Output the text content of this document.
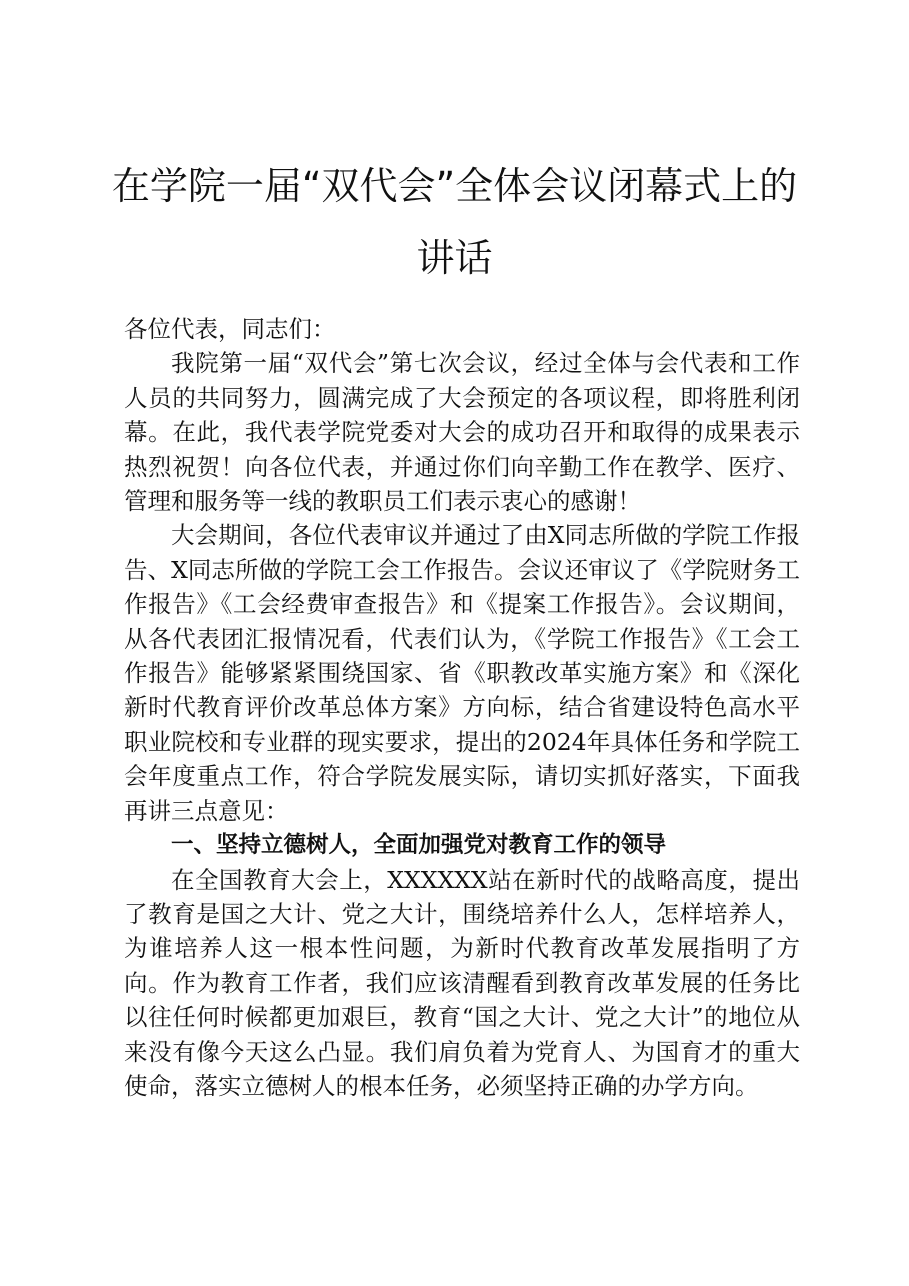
在学院一届“双代会”全体会议闭幕式上的讲话

各位代表，同志们：

我院第一届“双代会”第七次会议，经过全体与会代表和工作人员的共同努力，圆满完成了大会预定的各项议程，即将胜利闭幕。在此，我代表学院党委对大会的成功召开和取得的成果表示热烈祝贺！向各位代表，并通过你们向辛勤工作在教学、医疗、管理和服务等一线的教职员工们表示衷心的感谢！

大会期间，各位代表审议并通过了由X同志所做的学院工作报告、X同志所做的学院工会工作报告。会议还审议了《学院财务工作报告》《工会经费审查报告》和《提案工作报告》。会议期间，从各代表团汇报情况看，代表们认为，《学院工作报告》《工会工作报告》能够紧紧围绕国家、省《职教改革实施方案》和《深化新时代教育评价改革总体方案》方向标，结合省建设特色高水平职业院校和专业群的现实要求，提出的2024年具体任务和学院工会年度重点工作，符合学院发展实际，请切实抓好落实，下面我再讲三点意见：

一、坚持立德树人，全面加强党对教育工作的领导

在全国教育大会上，XXXXXX站在新时代的战略高度，提出了教育是国之大计、党之大计，围绕培养什么人，怎样培养人，为谁培养人这一根本性问题，为新时代教育改革发展指明了方向。作为教育工作者，我们应该清醒看到教育改革发展的任务比以往任何时候都更加艰巨，教育“国之大计、党之大计”的地位从来没有像今天这么凸显。我们肩负着为党育人、为国育才的重大使命，落实立德树人的根本任务，必须坚持正确的办学方向。
